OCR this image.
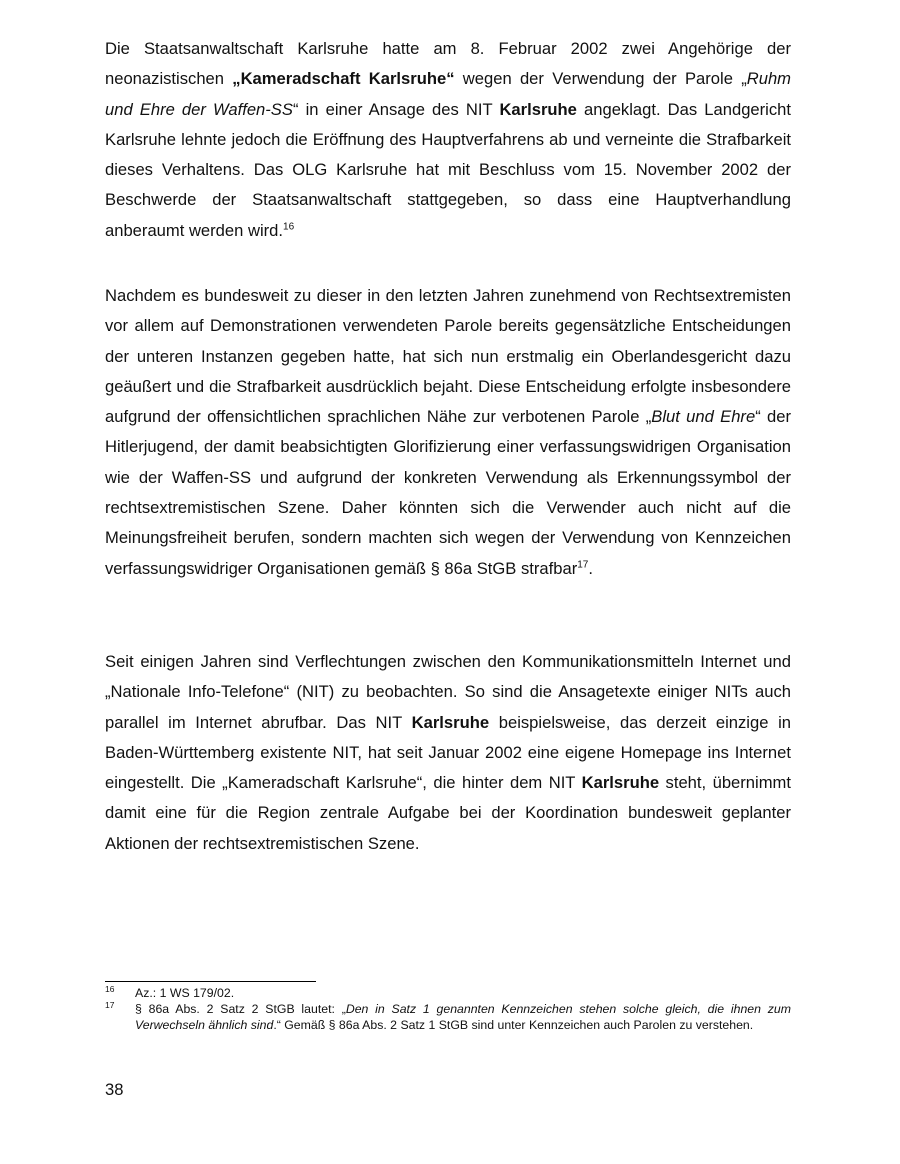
Die Staatsanwaltschaft Karlsruhe hatte am 8. Februar 2002 zwei Angehörige der neonazistischen „Kameradschaft Karlsruhe“ wegen der Verwendung der Parole „Ruhm und Ehre der Waffen-SS“ in einer Ansage des NIT Karlsruhe angeklagt. Das Landgericht Karlsruhe lehnte jedoch die Eröffnung des Hauptverfahrens ab und verneinte die Strafbarkeit dieses Verhaltens. Das OLG Karlsruhe hat mit Beschluss vom 15. November 2002 der Beschwerde der Staatsanwaltschaft stattgegeben, so dass eine Hauptverhandlung anberaumt werden wird.$^{16}$

Nachdem es bundesweit zu dieser in den letzten Jahren zunehmend von Rechtsextremisten vor allem auf Demonstrationen verwendeten Parole bereits gegensätzliche Entscheidungen der unteren Instanzen gegeben hatte, hat sich nun erstmalig ein Oberlandesgericht dazu geäußert und die Strafbarkeit ausdrücklich bejaht. Diese Entscheidung erfolgte insbesondere aufgrund der offensichtlichen sprachlichen Nähe zur verbotenen Parole „Blut und Ehre“ der Hitlerjugend, der damit beabsichtigten Glorifizierung einer verfassungswidrigen Organisation wie der Waffen-SS und aufgrund der konkreten Verwendung als Erkennungssymbol der rechtsextremistischen Szene. Daher könnten sich die Verwender auch nicht auf die Meinungsfreiheit berufen, sondern machten sich wegen der Verwendung von Kennzeichen verfassungswidriger Organisationen gemäß § 86a StGB strafbar$^{17}$.

Seit einigen Jahren sind Verflechtungen zwischen den Kommunikationsmitteln Internet und „Nationale Info-Telefone“ (NIT) zu beobachten. So sind die Ansagetexte einiger NITs auch parallel im Internet abrufbar. Das NIT Karlsruhe beispielsweise, das derzeit einzige in Baden-Württemberg existente NIT, hat seit Januar 2002 eine eigene Homepage ins Internet eingestellt. Die „Kameradschaft Karlsruhe“, die hinter dem NIT Karlsruhe steht, übernimmt damit eine für die Region zentrale Aufgabe bei der Koordination bundesweit geplanter Aktionen der rechtsextremistischen Szene.

16 Az.: 1 WS 179/02.
17 § 86a Abs. 2 Satz 2 StGB lautet: „Den in Satz 1 genannten Kennzeichen stehen solche gleich, die ihnen zum Verwechseln ähnlich sind.“ Gemäß § 86a Abs. 2 Satz 1 StGB sind unter Kennzeichen auch Parolen zu verstehen.
38
